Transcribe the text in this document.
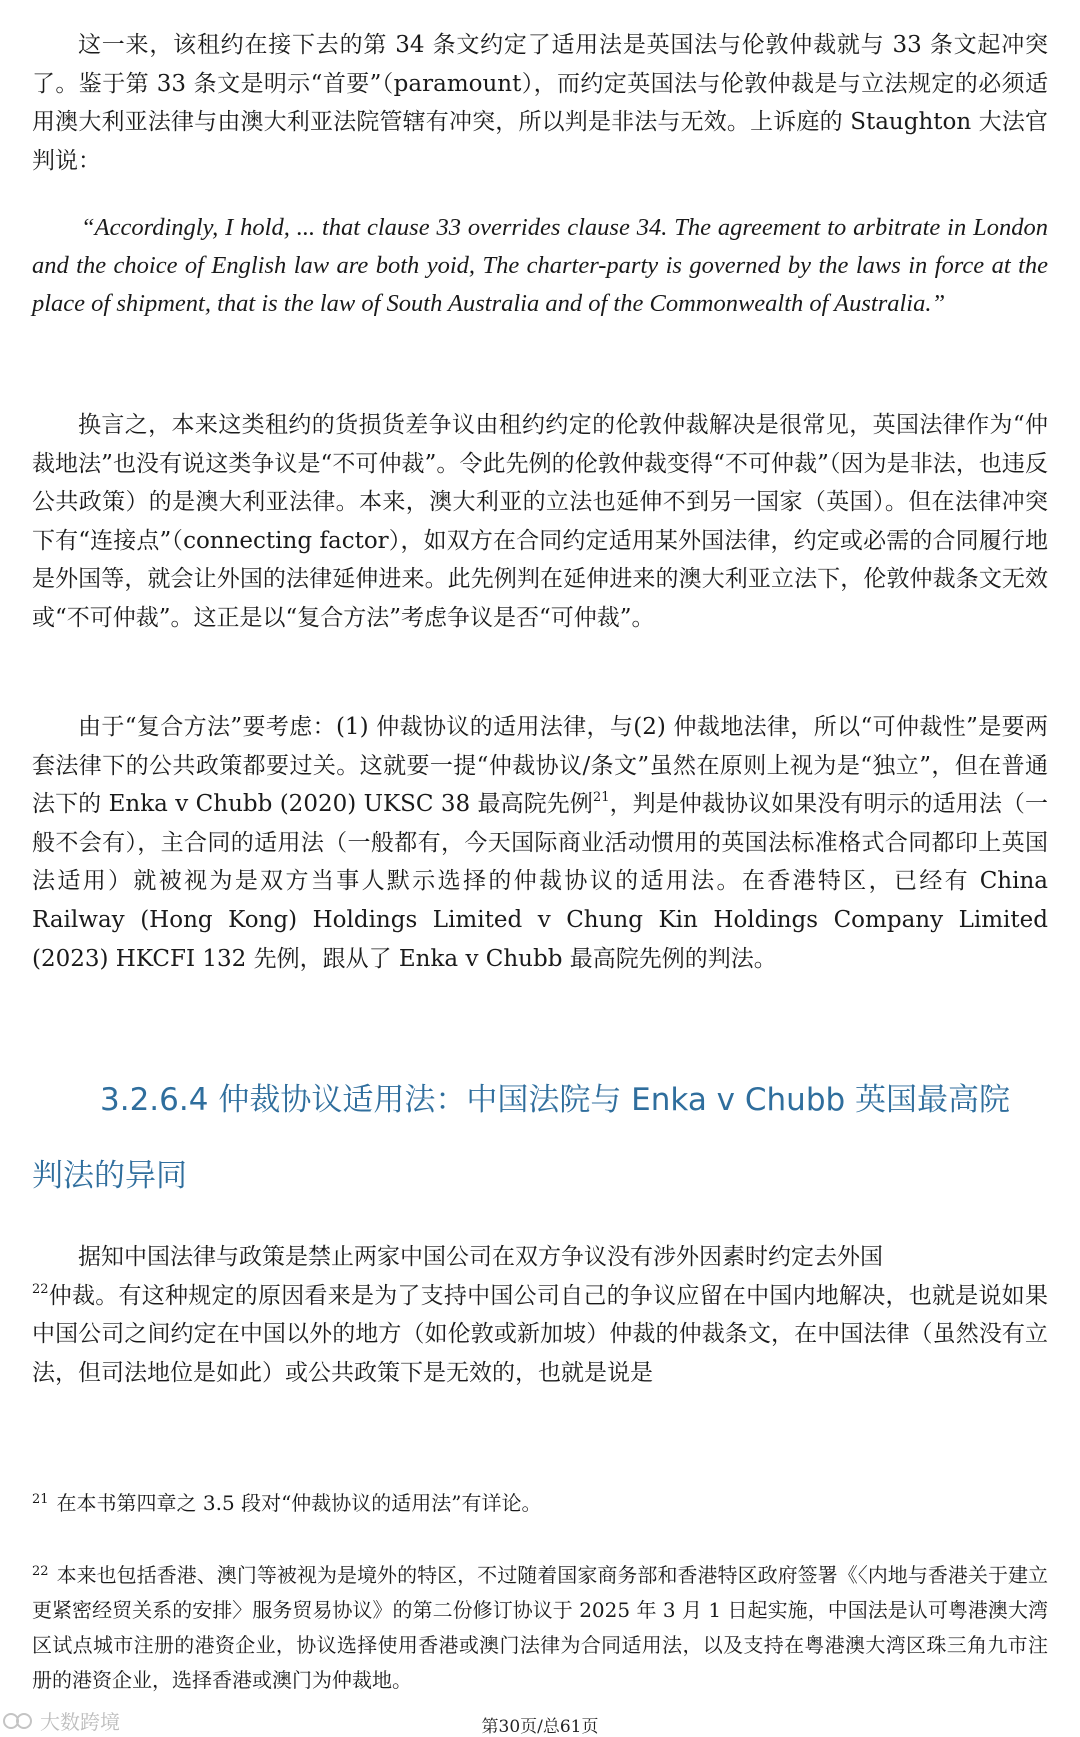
这一来，该租约在接下去的第 34 条文约定了适用法是英国法与伦敦仲裁就与 33 条文起冲突了。鉴于第 33 条文是明示“首要”（paramount），而约定英国法与伦敦仲裁是与立法规定的必须适用澳大利亚法律与由澳大利亚法院管辖有冲突，所以判是非法与无效。上诉庭的 Staughton 大法官判说：

“Accordingly, I hold, ... that clause 33 overrides clause 34. The agreement to arbitrate in London and the choice of English law are both yoid, The charter-party is governed by the laws in force at the place of shipment, that is the law of South Australia and of the Commonwealth of Australia.”

换言之，本来这类租约的货损货差争议由租约约定的伦敦仲裁解决是很常见，英国法律作为“仲裁地法”也没有说这类争议是“不可仲裁”。令此先例的伦敦仲裁变得“不可仲裁”（因为是非法，也违反公共政策）的是澳大利亚法律。本来，澳大利亚的立法也延伸不到另一国家（英国）。但在法律冲突下有“连接点”（connecting factor），如双方在合同约定适用某外国法律，约定或必需的合同履行地是外国等，就会让外国的法律延伸进来。此先例判在延伸进来的澳大利亚立法下，伦敦仲裁条文无效或“不可仲裁”。这正是以“复合方法”考虑争议是否“可仲裁”。

由于“复合方法”要考虑：(1) 仲裁协议的适用法律，与(2) 仲裁地法律，所以“可仲裁性”是要两套法律下的公共政策都要过关。这就要一提“仲裁协议/条文”虽然在原则上视为是“独立”，但在普通法下的 Enka v Chubb (2020) UKSC 38 最高院先例$^{21}$，判是仲裁协议如果没有明示的适用法（一般不会有），主合同的适用法（一般都有，今天国际商业活动惯用的英国法标准格式合同都印上英国法适用）就被视为是双方当事人默示选择的仲裁协议的适用法。在香港特区，已经有 China Railway (Hong Kong) Holdings Limited v Chung Kin Holdings Company Limited (2023) HKCFI 132 先例，跟从了 Enka v Chubb 最高院先例的判法。

3.2.6.4 仲裁协议适用法：中国法院与 Enka v Chubb 英国最高院
判法的异同

据知中国法律与政策是禁止两家中国公司在双方争议没有涉外因素时约定去外国
$^{22}$仲裁。有这种规定的原因看来是为了支持中国公司自己的争议应留在中国内地解决，也就是说如果中国公司之间约定在中国以外的地方（如伦敦或新加坡）仲裁的仲裁条文，在中国法律（虽然没有立法，但司法地位是如此）或公共政策下是无效的，也就是说是

$^{21}$ 在本书第四章之 3.5 段对“仲裁协议的适用法”有详论。
$^{22}$ 本来也包括香港、澳门等被视为是境外的特区，不过随着国家商务部和香港特区政府签署《〈内地与香港关于建立更紧密经贸关系的安排〉服务贸易协议》的第二份修订协议于 2025 年 3 月 1 日起实施，中国法是认可粤港澳大湾区试点城市注册的港资企业，协议选择使用香港或澳门法律为合同适用法，以及支持在粤港澳大湾区珠三角九市注册的港资企业，选择香港或澳门为仲裁地。
第30页/总61页
大数跨境
